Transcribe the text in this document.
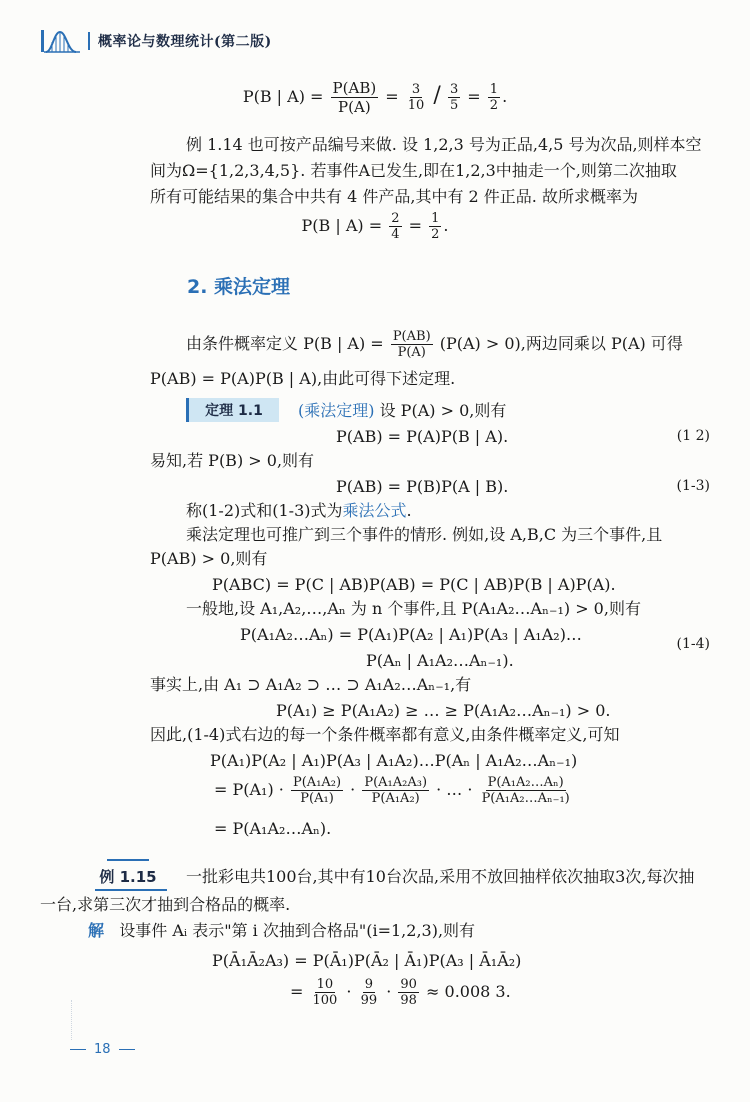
概率论与数理统计(第二版)
P(B | $A) = \frac{P(AB)}{P(A)} = \frac{3}{10} / \frac{3}{5} = \frac{1}{2}$ .
例 1.14 也可按产品编号来做. 设 1,2,3 号为正品,4,5 号为次品,则样本空
间为Ω={1,2,3,4,5}. 若事件A已发生,即在1,2,3中抽走一个,则第二次抽取
所有可能结果的集合中共有 4 件产品,其中有 2 件正品. 故所求概率为
P(B | $A) = \frac{2}{4} = \frac{1}{2}$ .
2. 乘法定理
由条件概率定义 P(B | $A) = \frac{P(AB)}{P(A)} (P(A) > 0)$,两边同乘以 P(A) 可得
P(AB) = P(A)P(B | A),由此可得下述定理.
定理 1.1	(乘法定理) 设 P(A) > 0,则有
P(AB) = P(A)P(B | A).	(1 2)
易知,若 P(B) > 0,则有
P(AB) = P(B)P(A | B).	(1-3)
称(1-2)式和(1-3)式为乘法公式.
乘法定理也可推广到三个事件的情形. 例如,设 A,B,C 为三个事件,且
P(AB) > 0,则有
P(ABC) = P(C | AB)P(AB) = P(C | AB)P(B | A)P(A).
一般地,设 A₁,A₂,…,Aₙ 为 n 个事件,且 P(A₁A₂…Aₙ₋₁) > 0,则有
P(A₁A₂…Aₙ) = P(A₁)P(A₂ | A₁)P(A₃ | A₁A₂)…
P(Aₙ | A₁A₂…Aₙ₋₁).
(1-4)
事实上,由 A₁ ⊃ A₁A₂ ⊃ … ⊃ A₁A₂…Aₙ₋₁,有
P(A₁) ≥ P(A₁A₂) ≥ … ≥ P(A₁A₂…Aₙ₋₁) > 0.
因此,(1-4)式右边的每一个条件概率都有意义,由条件概率定义,可知
P(A₁)P(A₂ | A₁)P(A₃ | A₁A₂)…P(Aₙ | A₁A₂…Aₙ₋₁)
= $P(A_1) \cdot \frac{\text{P(A₁A₂)}}{\text{P(A₁)}} \cdot \frac{\text{P(A₁A₂A₃)}}{\text{P(A₁A₂)}}$ · … · $\frac{\text{P(A₁A₂…Aₙ)}}{\text{P(A₁A₂…Aₙ₋₁)}}$
= P(A₁A₂…Aₙ).
例 1.15 一批彩电共100台,其中有10台次品,采用不放回抽样依次抽取3次,每次抽
一台,求第三次才抽到合格品的概率.
解 设事件 Aᵢ 表示"第 i 次抽到合格品"(i=1,2,3),则有
P(Ā₁Ā₂A₃) = P(Ā₁)P(Ā₂ | Ā₁)P(A₃ | Ā₁Ā₂)
= $\frac{10}{100} \cdot \frac{9}{99} \cdot \frac{90}{98} \approx 0.008$ 3.
18
